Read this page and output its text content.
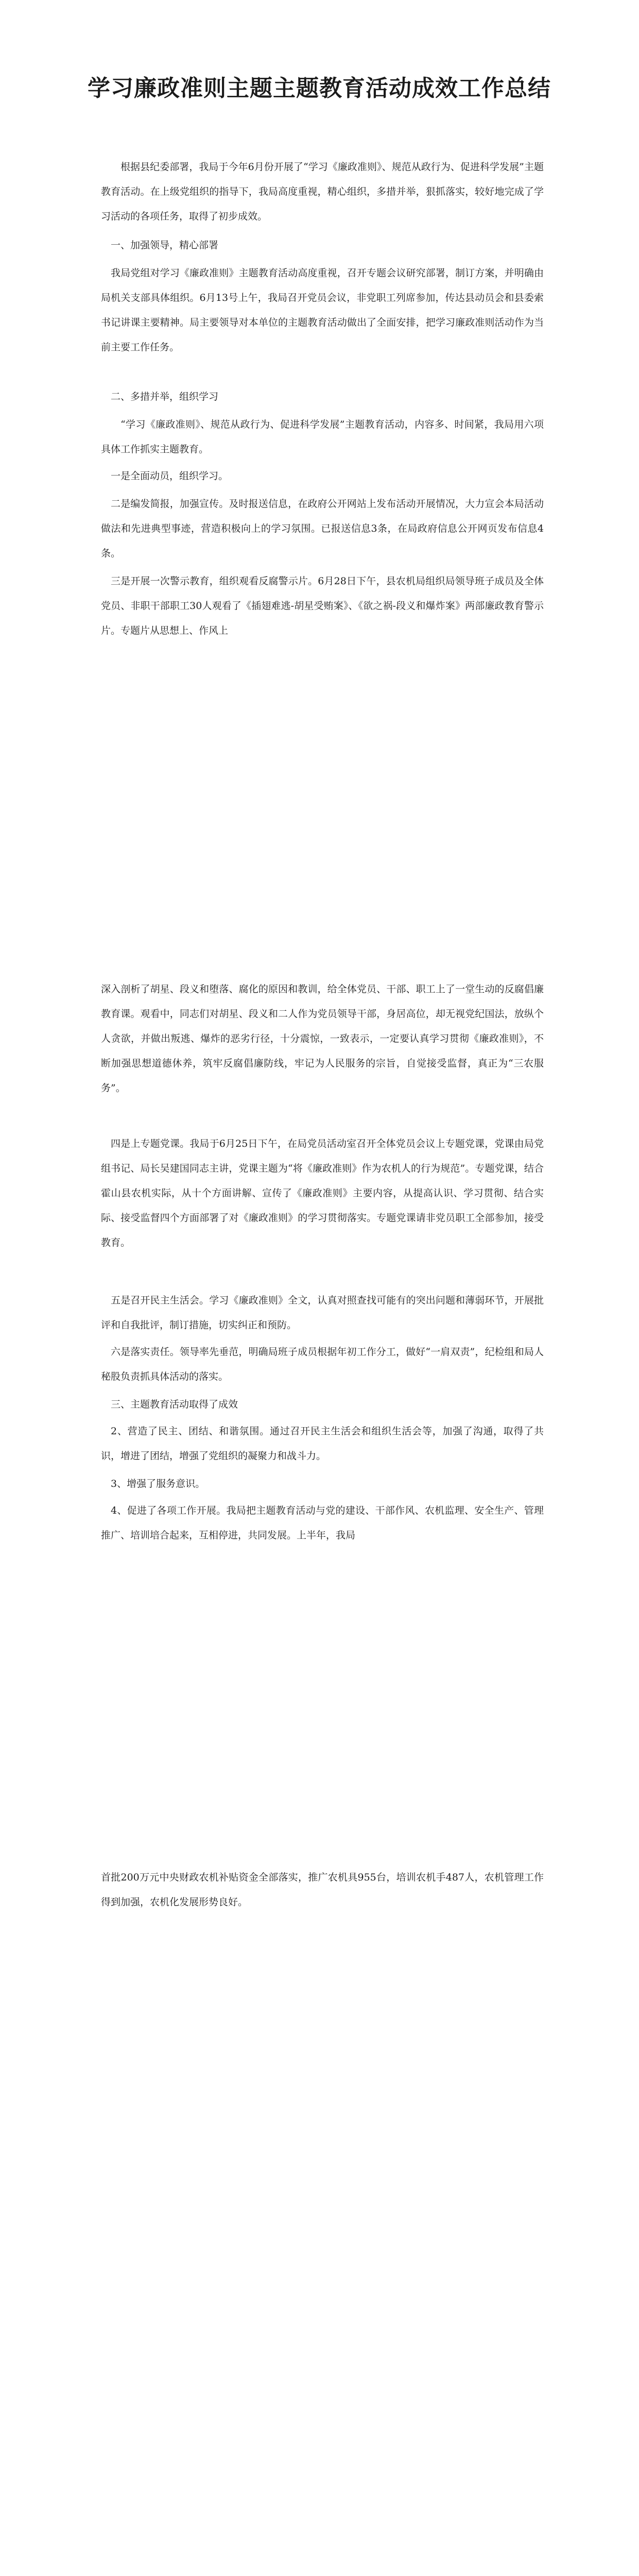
学习廉政准则主题主题教育活动成效工作总结

根据县纪委部署，我局于今年6月份开展了“学习《廉政准则》、规范从政行为、促进科学发展”主题教育活动。在上级党组织的指导下，我局高度重视，精心组织，多措并举，狠抓落实，较好地完成了学习活动的各项任务，取得了初步成效。

一、加强领导，精心部署

我局党组对学习《廉政准则》主题教育活动高度重视，召开专题会议研究部署，制订方案，并明确由局机关支部具体组织。6月13号上午，我局召开党员会议，非党职工列席参加，传达县动员会和县委索书记讲课主要精神。局主要领导对本单位的主题教育活动做出了全面安排，把学习廉政准则活动作为当前主要工作任务。

二、多措并举，组织学习

“学习《廉政准则》、规范从政行为、促进科学发展”主题教育活动，内容多、时间紧，我局用六项具体工作抓实主题教育。

一是全面动员，组织学习。

二是编发简报，加强宣传。及时报送信息，在政府公开网站上发布活动开展情况，大力宣会本局活动做法和先进典型事迹，营造积极向上的学习氛围。已报送信息3条，在局政府信息公开网页发布信息4条。

三是开展一次警示教育，组织观看反腐警示片。6月28日下午，县农机局组织局领导班子成员及全体党员、非职干部职工30人观看了《插翅难逃-胡星受贿案》、《欲之祸-段义和爆炸案》两部廉政教育警示片。专题片从思想上、作风上

深入剖析了胡星、段义和堕落、腐化的原因和教训，给全体党员、干部、职工上了一堂生动的反腐倡廉教育课。观看中，同志们对胡星、段义和二人作为党员领导干部，身居高位，却无视党纪国法，放纵个人贪欲，并做出叛逃、爆炸的恶劣行径，十分震惊，一致表示，一定要认真学习贯彻《廉政准则》，不断加强思想道德休养，筑牢反腐倡廉防线，牢记为人民服务的宗旨，自觉接受监督，真正为“三农服务”。

四是上专题党课。我局于6月25日下午，在局党员活动室召开全体党员会议上专题党课，党课由局党组书记、局长吴建国同志主讲，党课主题为“将《廉政准则》作为农机人的行为规范”。专题党课，结合霍山县农机实际，从十个方面讲解、宣传了《廉政准则》主要内容，从提高认识、学习贯彻、结合实际、接受监督四个方面部署了对《廉政准则》的学习贯彻落实。专题党课请非党员职工全部参加，接受教育。

五是召开民主生活会。学习《廉政准则》全文，认真对照查找可能有的突出问题和薄弱环节，开展批评和自我批评，制订措施，切实纠正和预防。

六是落实责任。领导率先垂范，明确局班子成员根据年初工作分工，做好“一肩双责”，纪检组和局人秘股负责抓具体活动的落实。

三、主题教育活动取得了成效

2、营造了民主、团结、和谐氛围。通过召开民主生活会和组织生活会等，加强了沟通，取得了共识，增进了团结，增强了党组织的凝聚力和战斗力。

3、增强了服务意识。

4、促进了各项工作开展。我局把主题教育活动与党的建设、干部作风、农机监理、安全生产、管理推广、培训培合起来，互相停进，共同发展。上半年，我局

首批200万元中央财政农机补贴资金全部落实，推广农机具955台，培训农机手487人，农机管理工作得到加强，农机化发展形势良好。
